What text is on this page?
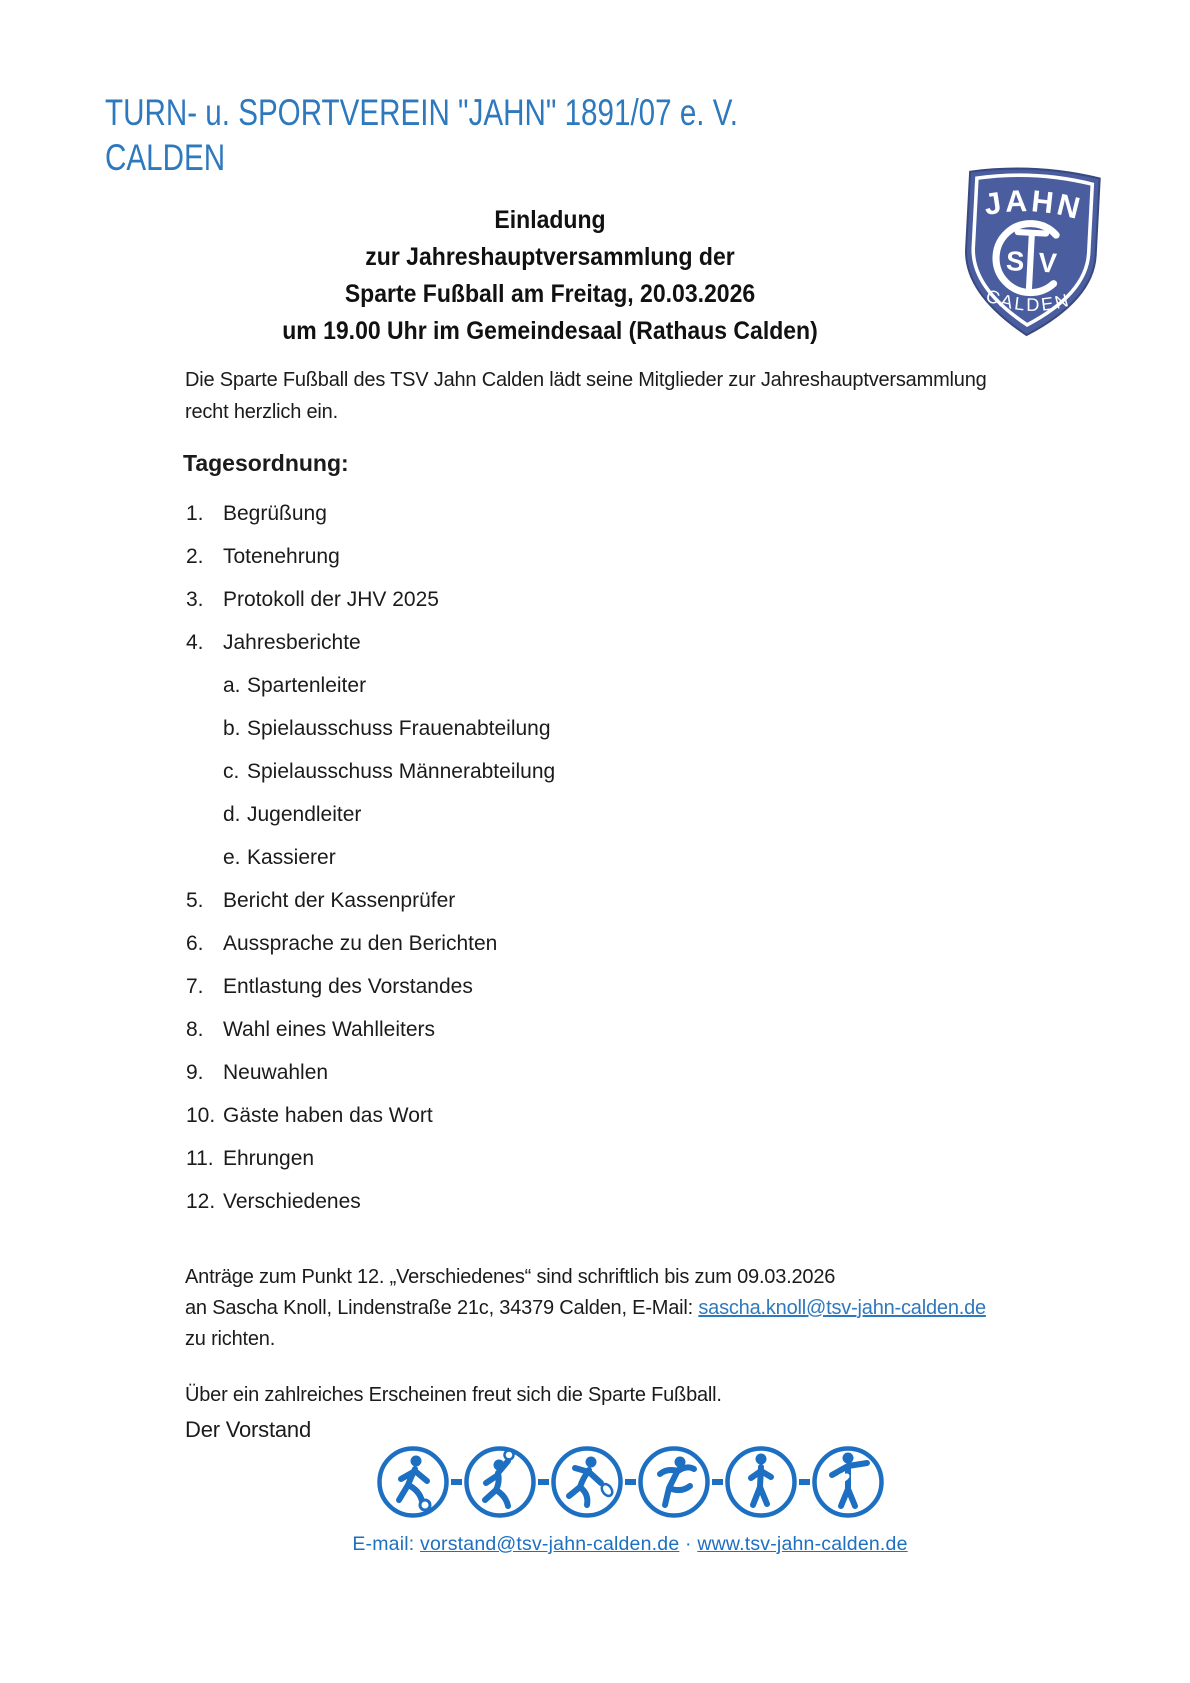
TURN- u. SPORTVEREIN "JAHN" 1891/07 e. V.
CALDEN
JAHN
S V
CALDEN
Einladung
zur Jahreshauptversammlung der
Sparte Fußball am Freitag, 20.03.2026
um 19.00 Uhr im Gemeindesaal (Rathaus Calden)
Die Sparte Fußball des TSV Jahn Calden lädt seine Mitglieder zur Jahreshauptversammlung
recht herzlich ein.
Tagesordnung:
1. Begrüßung
2. Totenehrung
3. Protokoll der JHV 2025
4. Jahresberichte
a. Spartenleiter
b. Spielausschuss Frauenabteilung
c. Spielausschuss Männerabteilung
d. Jugendleiter
e. Kassierer
5. Bericht der Kassenprüfer
6. Aussprache zu den Berichten
7. Entlastung des Vorstandes
8. Wahl eines Wahlleiters
9. Neuwahlen
10. Gäste haben das Wort
11. Ehrungen
12. Verschiedenes
Anträge zum Punkt 12. „Verschiedenes“ sind schriftlich bis zum 09.03.2026
an Sascha Knoll, Lindenstraße 21c, 34379 Calden, E-Mail: sascha.knoll@tsv-jahn-calden.de
zu richten.
Über ein zahlreiches Erscheinen freut sich die Sparte Fußball.
Der Vorstand
E-mail: vorstand@tsv-jahn-calden.de · www.tsv-jahn-calden.de
